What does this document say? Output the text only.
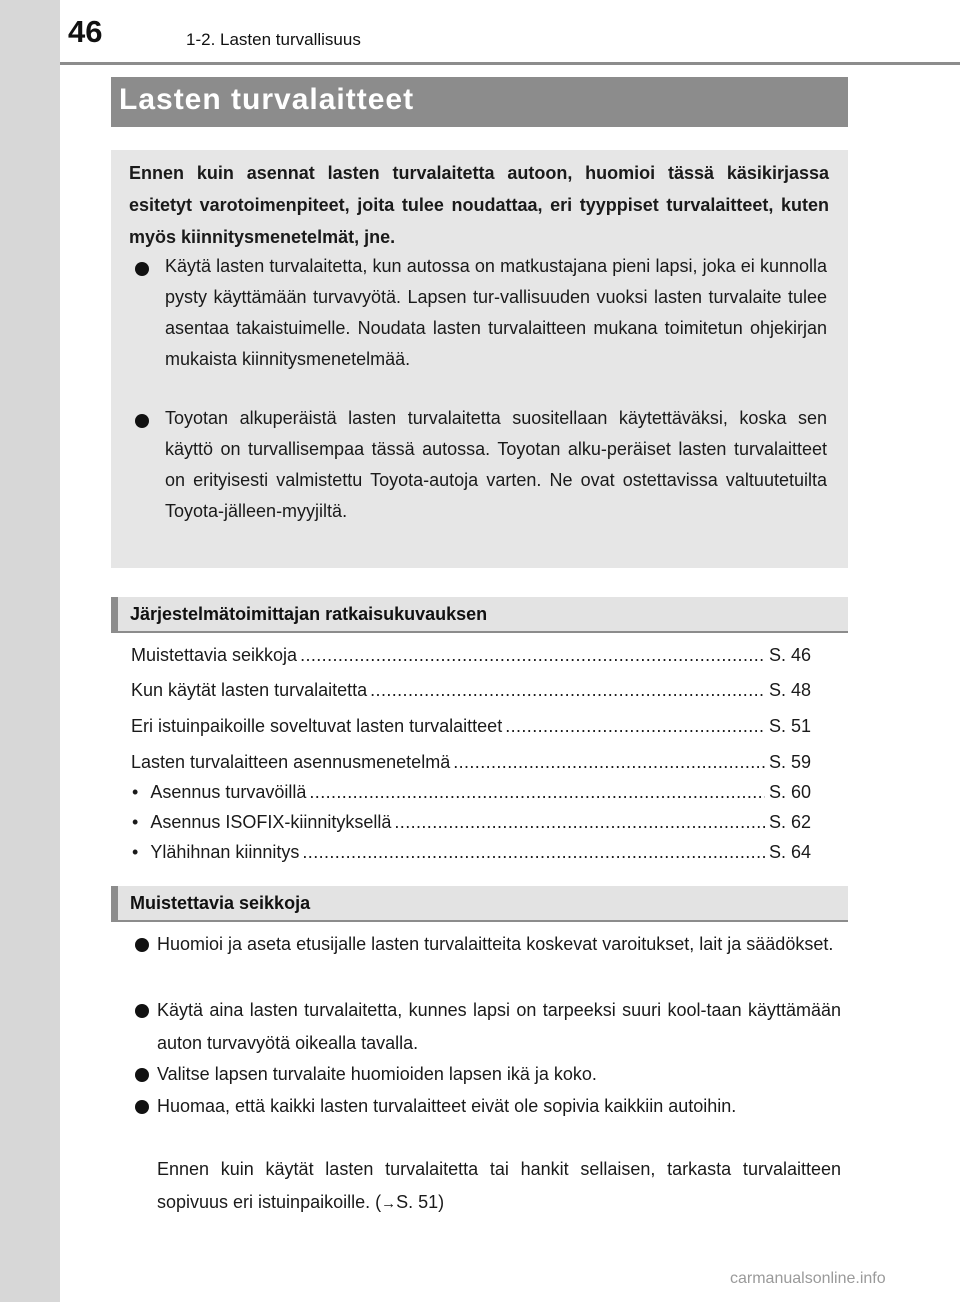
46	1-2. Lasten turvallisuus
Lasten turvalaitteet
Ennen kuin asennat lasten turvalaitetta autoon, huomioi tässä käsikirjassa esitetyt varotoimenpiteet, joita tulee noudattaa, eri tyyppiset turvalaitteet, kuten myös kiinnitysmenetelmät, jne.
Käytä lasten turvalaitetta, kun autossa on matkustajana pieni lapsi, joka ei kunnolla pysty käyttämään turvavyötä. Lapsen tur-vallisuuden vuoksi lasten turvalaite tulee asentaa takaistuimelle. Noudata lasten turvalaitteen mukana toimitetun ohjekirjan mukaista kiinnitysmenetelmää.
Toyotan alkuperäistä lasten turvalaitetta suositellaan käytettäväksi, koska sen käyttö on turvallisempaa tässä autossa. Toyotan alku-peräiset lasten turvalaitteet on erityisesti valmistettu Toyota-autoja varten. Ne ovat ostettavissa valtuutetuilta Toyota-jälleen-myyjiltä.
Järjestelmätoimittajan ratkaisukuvauksen
Muistettavia seikkoja .....	S. 46
Kun käytät lasten turvalaitetta .....	S. 48
Eri istuinpaikoille soveltuvat lasten turvalaitteet .....	S. 51
Lasten turvalaitteen asennusmenetelmä .....	S. 59
• Asennus turvavöillä .....	S. 60
• Asennus ISOFIX-kiinnityksellä .....	S. 62
• Ylähihnan kiinnitys .....	S. 64
Muistettavia seikkoja
Huomioi ja aseta etusijalle lasten turvalaitteita koskevat varoitukset, lait ja säädökset.
Käytä aina lasten turvalaitetta, kunnes lapsi on tarpeeksi suuri kool-taan käyttämään auton turvavyötä oikealla tavalla.
Valitse lapsen turvalaite huomioiden lapsen ikä ja koko.
Huomaa, että kaikki lasten turvalaitteet eivät ole sopivia kaikkiin autoihin.
Ennen kuin käytät lasten turvalaitetta tai hankit sellaisen, tarkasta turvalaitteen sopivuus eri istuinpaikoille. (→S. 51)
carmanualsonline.info
